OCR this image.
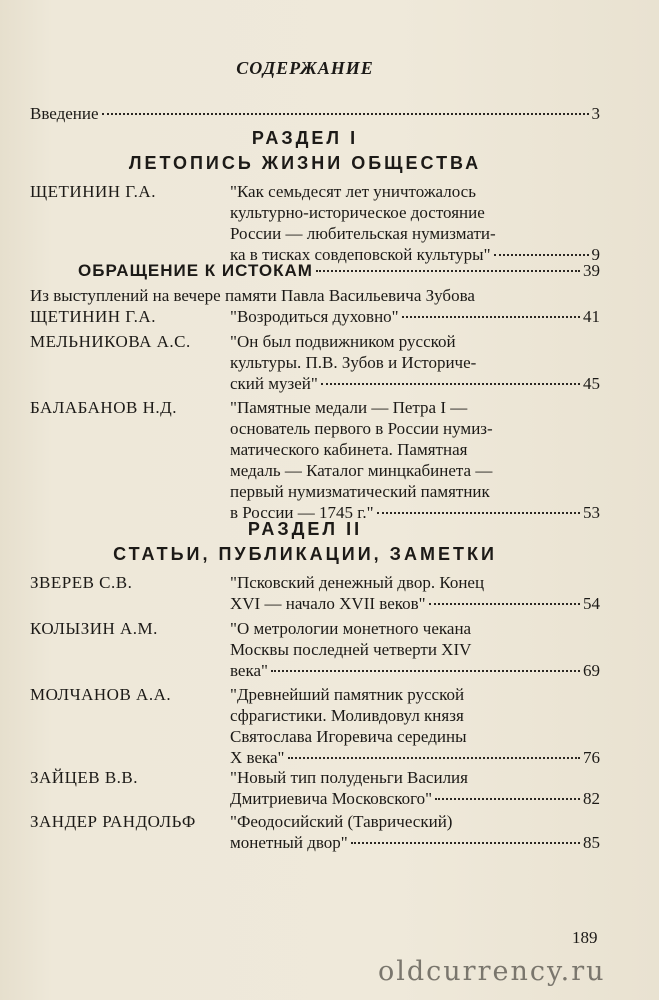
СОДЕРЖАНИЕ
Введение	3
РАЗДЕЛ I
ЛЕТОПИСЬ ЖИЗНИ ОБЩЕСТВА
ЩЕТИНИН Г.А.	"Как семьдесят лет уничтожалось
культурно-историческое достояние
России — любительская нумизмати-
ка в тисках совдеповской культуры"	9
ОБРАЩЕНИЕ К ИСТОКАМ	39
Из выступлений на вечере памяти Павла Васильевича Зубова
ЩЕТИНИН Г.А.	"Возродиться духовно"	41
МЕЛЬНИКОВА А.С. "Он был подвижником русской
культуры. П.В. Зубов и Историче-
ский музей"	45
БАЛАБАНОВ Н.Д.	"Памятные медали — Петра I —
основатель первого в России нумиз-
матического кабинета. Памятная
медаль — Каталог минцкабинета —
первый нумизматический памятник
в России — 1745 г."	53
РАЗДЕЛ II
СТАТЬИ, ПУБЛИКАЦИИ, ЗАМЕТКИ
ЗВЕРЕВ С.В.	"Псковский денежный двор. Конец
XVI — начало XVII веков"	54
КОЛЫЗИН А.М.	"О метрологии монетного чекана
Москвы последней четверти XIV
века"	69
МОЛЧАНОВ А.А.	"Древнейший памятник русской
сфрагистики. Моливдовул князя
Святослава Игоревича середины
X века"	76
ЗАЙЦЕВ В.В.	"Новый тип полуденьги Василия
Дмитриевича Московского"	82
ЗАНДЕР РАНДОЛЬФ "Феодосийский (Таврический)
монетный двор"	85
189
oldcurrency.ru
